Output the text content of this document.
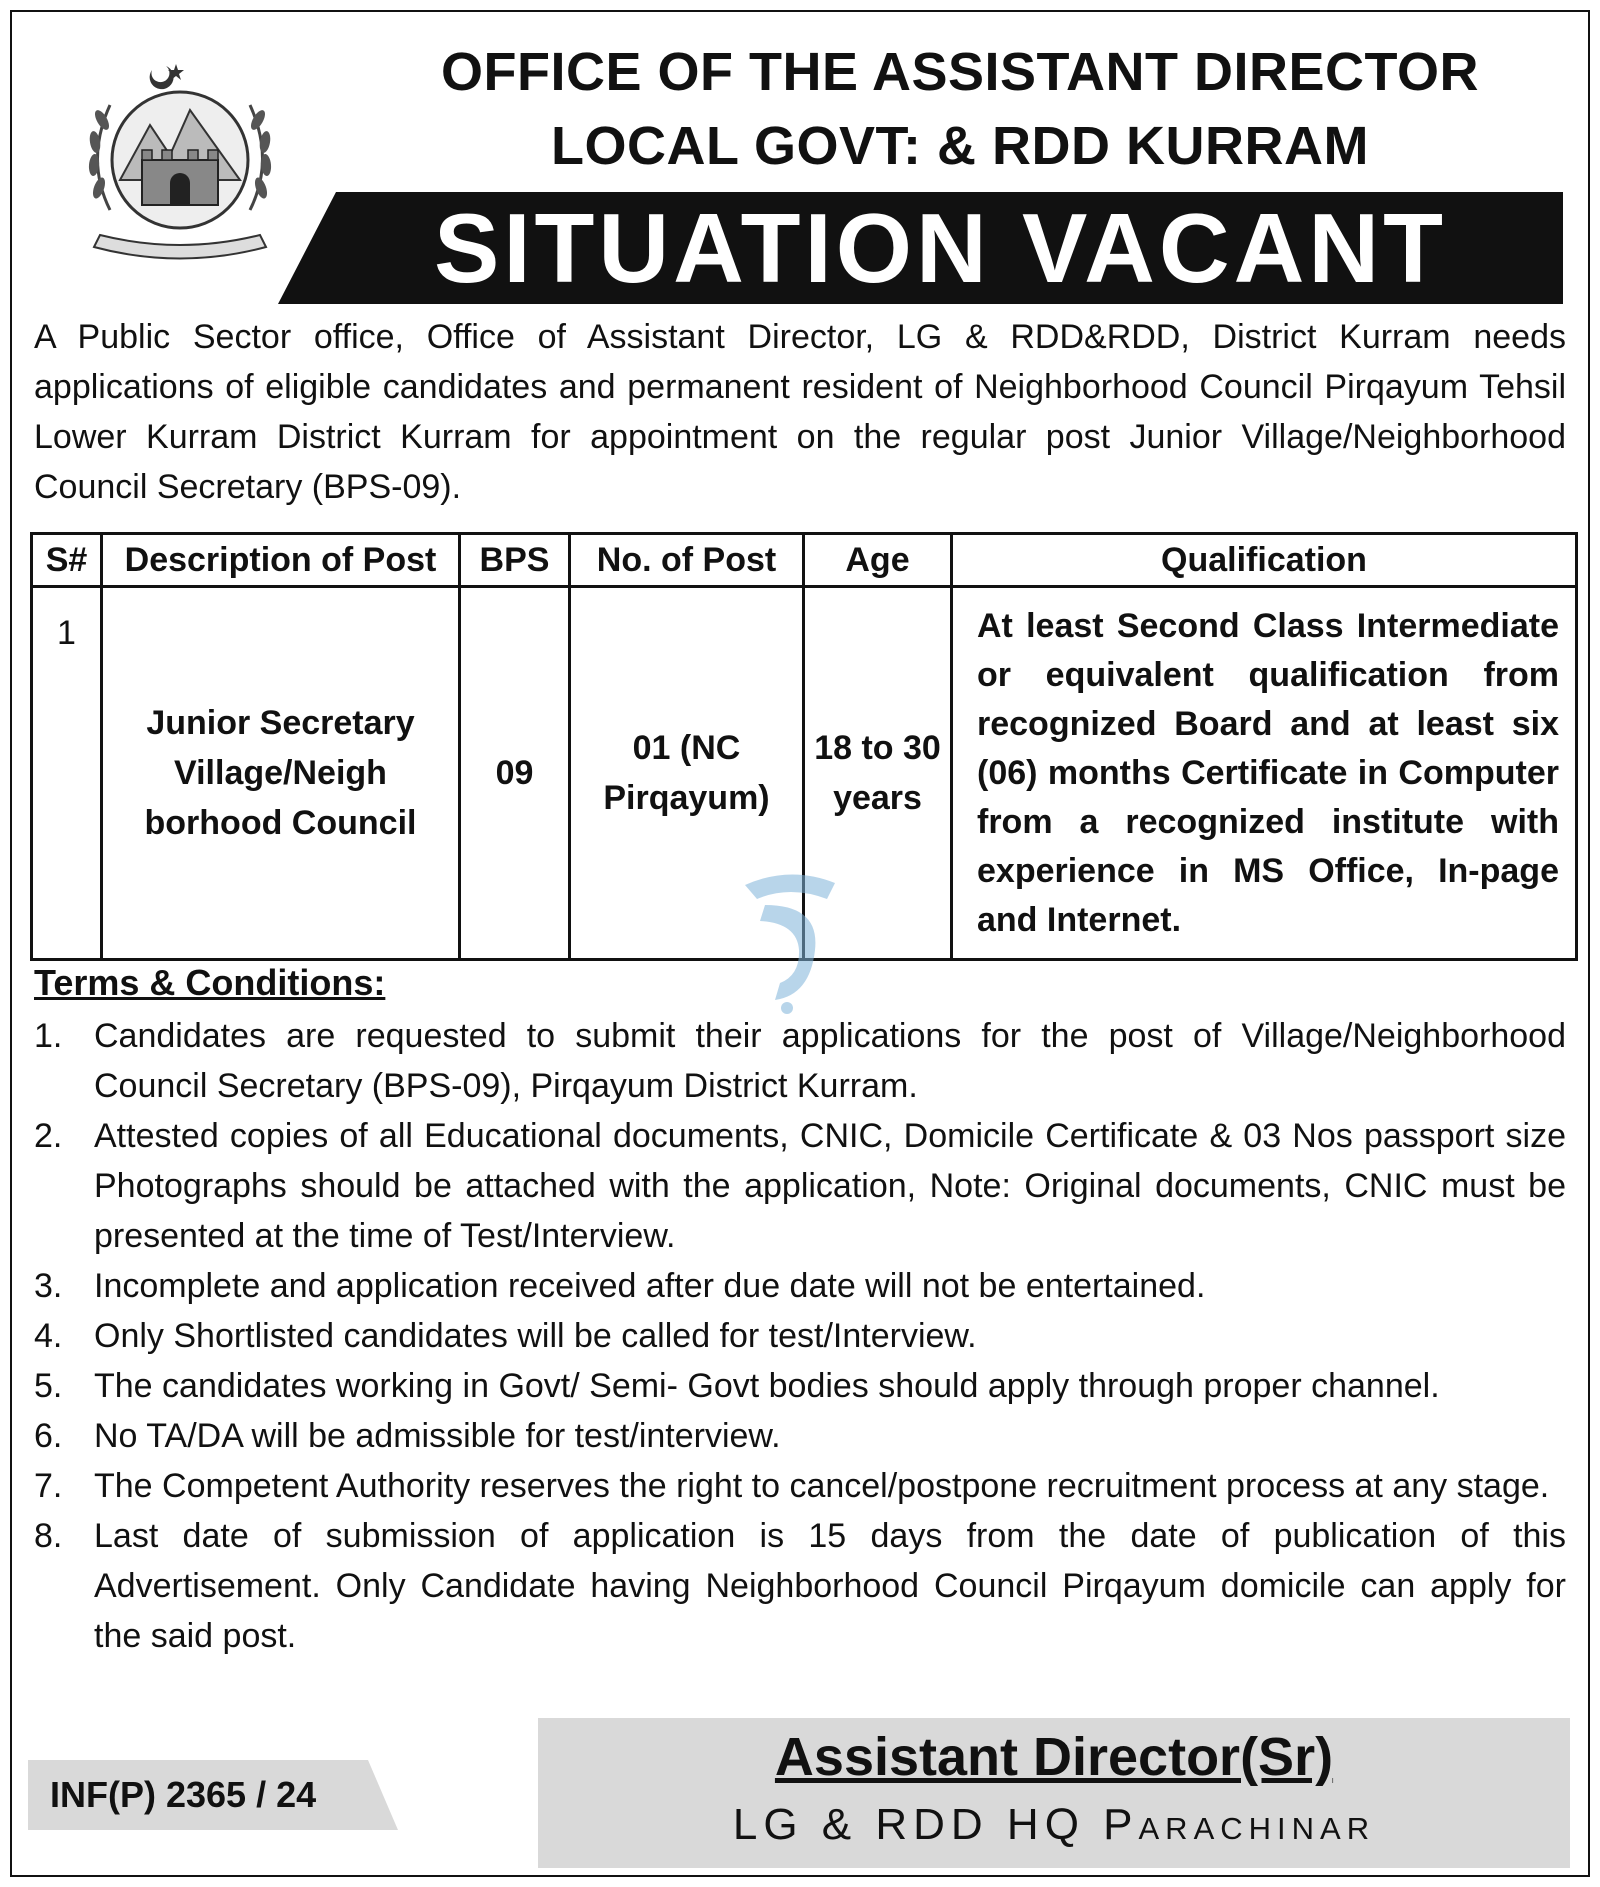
OFFICE OF THE ASSISTANT DIRECTOR
LOCAL GOVT: & RDD KURRAM
SITUATION VACANT
A Public Sector office, Office of Assistant Director, LG & RDD&RDD, District Kurram needs applications of eligible candidates and permanent resident of Neighborhood Council Pirqayum Tehsil Lower Kurram District Kurram for appointment on the regular post Junior Village/Neighborhood Council Secretary (BPS-09).
S#	Description of Post	BPS	No. of Post	Age	Qualification
1	Junior Secretary Village/Neigh borhood Council	09	01 (NC Pirqayum)	18 to 30 years	At least Second Class Intermediate or equivalent qualification from recognized Board and at least six (06) months Certificate in Computer from a recognized institute with experience in MS Office, In-page and Internet.
Terms & Conditions:
1. Candidates are requested to submit their applications for the post of Village/Neighborhood Council Secretary (BPS-09), Pirqayum District Kurram.
2. Attested copies of all Educational documents, CNIC, Domicile Certificate & 03 Nos passport size Photographs should be attached with the application, Note: Original documents, CNIC must be presented at the time of Test/Interview.
3. Incomplete and application received after due date will not be entertained.
4. Only Shortlisted candidates will be called for test/Interview.
5. The candidates working in Govt/ Semi- Govt bodies should apply through proper channel.
6. No TA/DA will be admissible for test/interview.
7. The Competent Authority reserves the right to cancel/postpone recruitment process at any stage.
8. Last date of submission of application is 15 days from the date of publication of this Advertisement. Only Candidate having Neighborhood Council Pirqayum domicile can apply for the said post.
INF(P) 2365 / 24
Assistant Director(Sr)
LG & RDD HQ Parachinar
